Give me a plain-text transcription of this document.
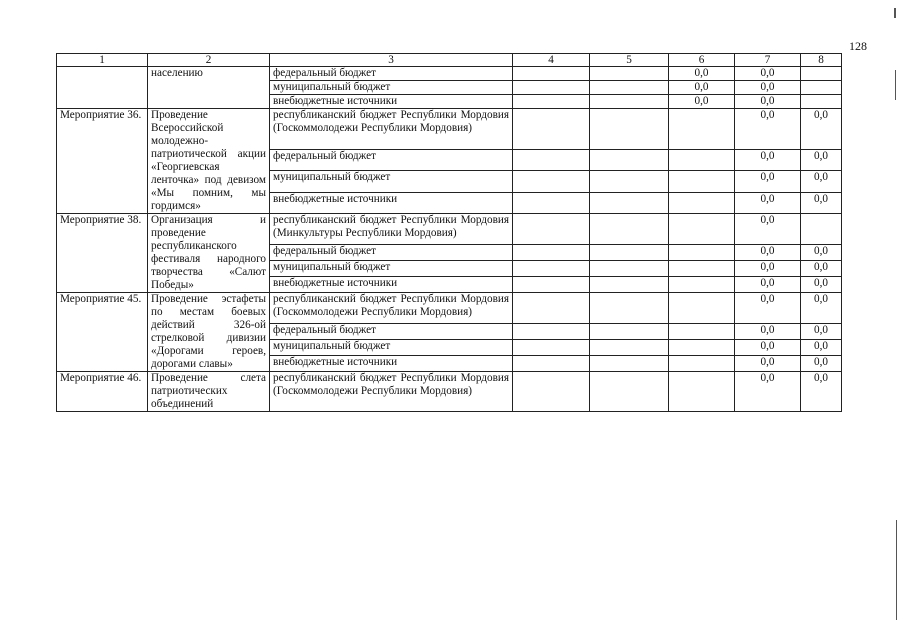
128
1	2	3	4	5	6	7	8
	населению	федеральный бюджет			0,0	0,0	
		муниципальный бюджет			0,0	0,0	
		внебюджетные источники			0,0	0,0	
Мероприятие 36.	Проведение Всероссийской молодежно-патриотической акции «Георгиевская ленточка» под девизом «Мы помним, мы гордимся»	республиканский бюджет Республики Мордовия (Госкоммолодежи Республики Мордовия)				0,0	0,0
		федеральный бюджет				0,0	0,0
		муниципальный бюджет				0,0	0,0
		внебюджетные источники				0,0	0,0
Мероприятие 38.	Организация и проведение республиканского фестиваля народного творчества «Салют Победы»	республиканский бюджет Республики Мордовия (Минкультуры Республики Мордовия)				0,0	
		федеральный бюджет				0,0	0,0
		муниципальный бюджет				0,0	0,0
		внебюджетные источники				0,0	0,0
Мероприятие 45.	Проведение эстафеты по местам боевых действий 326-ой стрелковой дивизии «Дорогами героев, дорогами славы»	республиканский бюджет Республики Мордовия (Госкоммолодежи Республики Мордовия)				0,0	0,0
		федеральный бюджет				0,0	0,0
		муниципальный бюджет				0,0	0,0
		внебюджетные источники				0,0	0,0
Мероприятие 46.	Проведение слета патриотических объединений	республиканский бюджет Республики Мордовия (Госкоммолодежи Республики Мордовия)				0,0	0,0
